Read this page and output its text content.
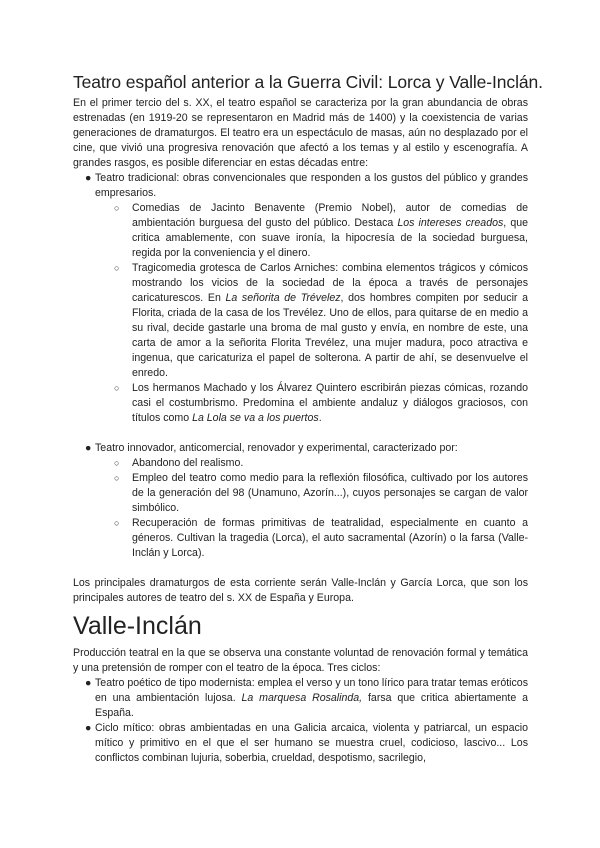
Teatro español anterior a la Guerra Civil: Lorca y Valle-Inclán.

En el primer tercio del s. XX, el teatro español se caracteriza por la gran abundancia de obras estrenadas (en 1919-20 se representaron en Madrid más de 1400) y la coexistencia de varias generaciones de dramaturgos. El teatro era un espectáculo de masas, aún no desplazado por el cine, que vivió una progresiva renovación que afectó a los temas y al estilo y escenografía. A grandes rasgos, es posible diferenciar en estas décadas entre:

● Teatro tradicional: obras convencionales que responden a los gustos del público y grandes empresarios.
○ Comedias de Jacinto Benavente (Premio Nobel), autor de comedias de ambientación burguesa del gusto del público. Destaca Los intereses creados, que critica amablemente, con suave ironía, la hipocresía de la sociedad burguesa, regida por la conveniencia y el dinero.
○ Tragicomedia grotesca de Carlos Arniches: combina elementos trágicos y cómicos mostrando los vicios de la sociedad de la época a través de personajes caricaturescos. En La señorita de Trévelez, dos hombres compiten por seducir a Florita, criada de la casa de los Trevélez. Uno de ellos, para quitarse de en medio a su rival, decide gastarle una broma de mal gusto y envía, en nombre de este, una carta de amor a la señorita Florita Trevélez, una mujer madura, poco atractiva e ingenua, que caricaturiza el papel de solterona. A partir de ahí, se desenvuelve el enredo.
○ Los hermanos Machado y los Álvarez Quintero escribirán piezas cómicas, rozando casi el costumbrismo. Predomina el ambiente andaluz y diálogos graciosos, con títulos como La Lola se va a los puertos.
● Teatro innovador, anticomercial, renovador y experimental, caracterizado por:
○ Abandono del realismo.
○ Empleo del teatro como medio para la reflexión filosófica, cultivado por los autores de la generación del 98 (Unamuno, Azorín...), cuyos personajes se cargan de valor simbólico.
○ Recuperación de formas primitivas de teatralidad, especialmente en cuanto a géneros. Cultivan la tragedia (Lorca), el auto sacramental (Azorín) o la farsa (Valle-Inclán y Lorca).

Los principales dramaturgos de esta corriente serán Valle-Inclán y García Lorca, que son los principales autores de teatro del s. XX de España y Europa.

Valle-Inclán

Producción teatral en la que se observa una constante voluntad de renovación formal y temática y una pretensión de romper con el teatro de la época. Tres ciclos:

● Teatro poético de tipo modernista: emplea el verso y un tono lírico para tratar temas eróticos en una ambientación lujosa. La marquesa Rosalinda, farsa que critica abiertamente a España.
● Ciclo mítico: obras ambientadas en una Galicia arcaica, violenta y patriarcal, un espacio mítico y primitivo en el que el ser humano se muestra cruel, codicioso, lascivo... Los conflictos combinan lujuria, soberbia, crueldad, despotismo, sacrilegio,
